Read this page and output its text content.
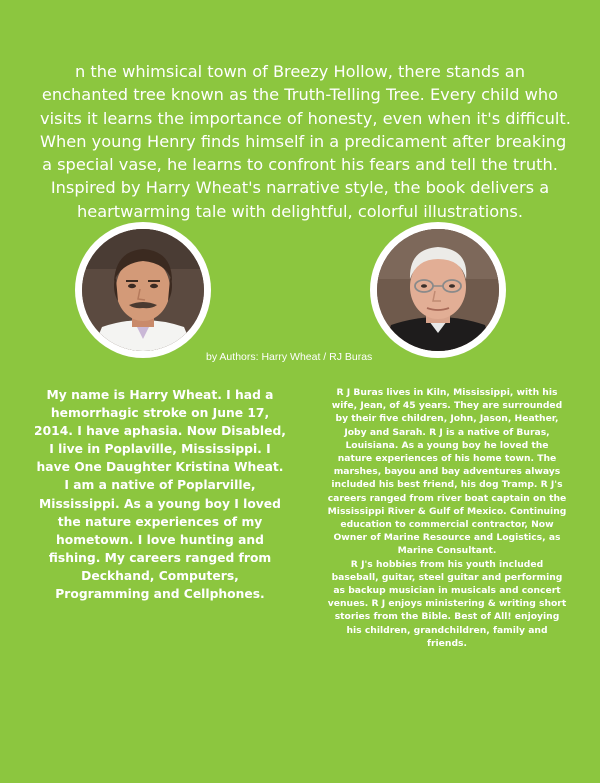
n the whimsical town of Breezy Hollow, there stands an
enchanted tree known as the Truth-Telling Tree. Every child who
visits it learns the importance of honesty, even when it's difficult.
When young Henry finds himself in a predicament after breaking
a special vase, he learns to confront his fears and tell the truth.
Inspired by Harry Wheat's narrative style, the book delivers a
heartwarming tale with delightful, colorful illustrations.
by Authors: Harry Wheat / RJ Buras
My name is Harry Wheat. I had a
hemorrhagic stroke on June 17,
2014. I have aphasia. Now Disabled,
I live in Poplaville, Mississippi. I
have One Daughter Kristina Wheat.
I am a native of Poplarville,
Mississippi. As a young boy I loved
the nature experiences of my
hometown. I love hunting and
fishing. My careers ranged from
Deckhand, Computers,
Programming and Cellphones.
R J Buras lives in Kiln, Mississippi, with his
wife, Jean, of 45 years. They are surrounded
by their five children, John, Jason, Heather,
Joby and Sarah. R J is a native of Buras,
Louisiana. As a young boy he loved the
nature experiences of his home town. The
marshes, bayou and bay adventures always
included his best friend, his dog Tramp. R J's
careers ranged from river boat captain on the
Mississippi River & Gulf of Mexico. Continuing
education to commercial contractor, Now
Owner of Marine Resource and Logistics, as
Marine Consultant.
R J's hobbies from his youth included
baseball, guitar, steel guitar and performing
as backup musician in musicals and concert
venues. R J enjoys ministering & writing short
stories from the Bible. Best of All! enjoying
his children, grandchildren, family and
friends.
